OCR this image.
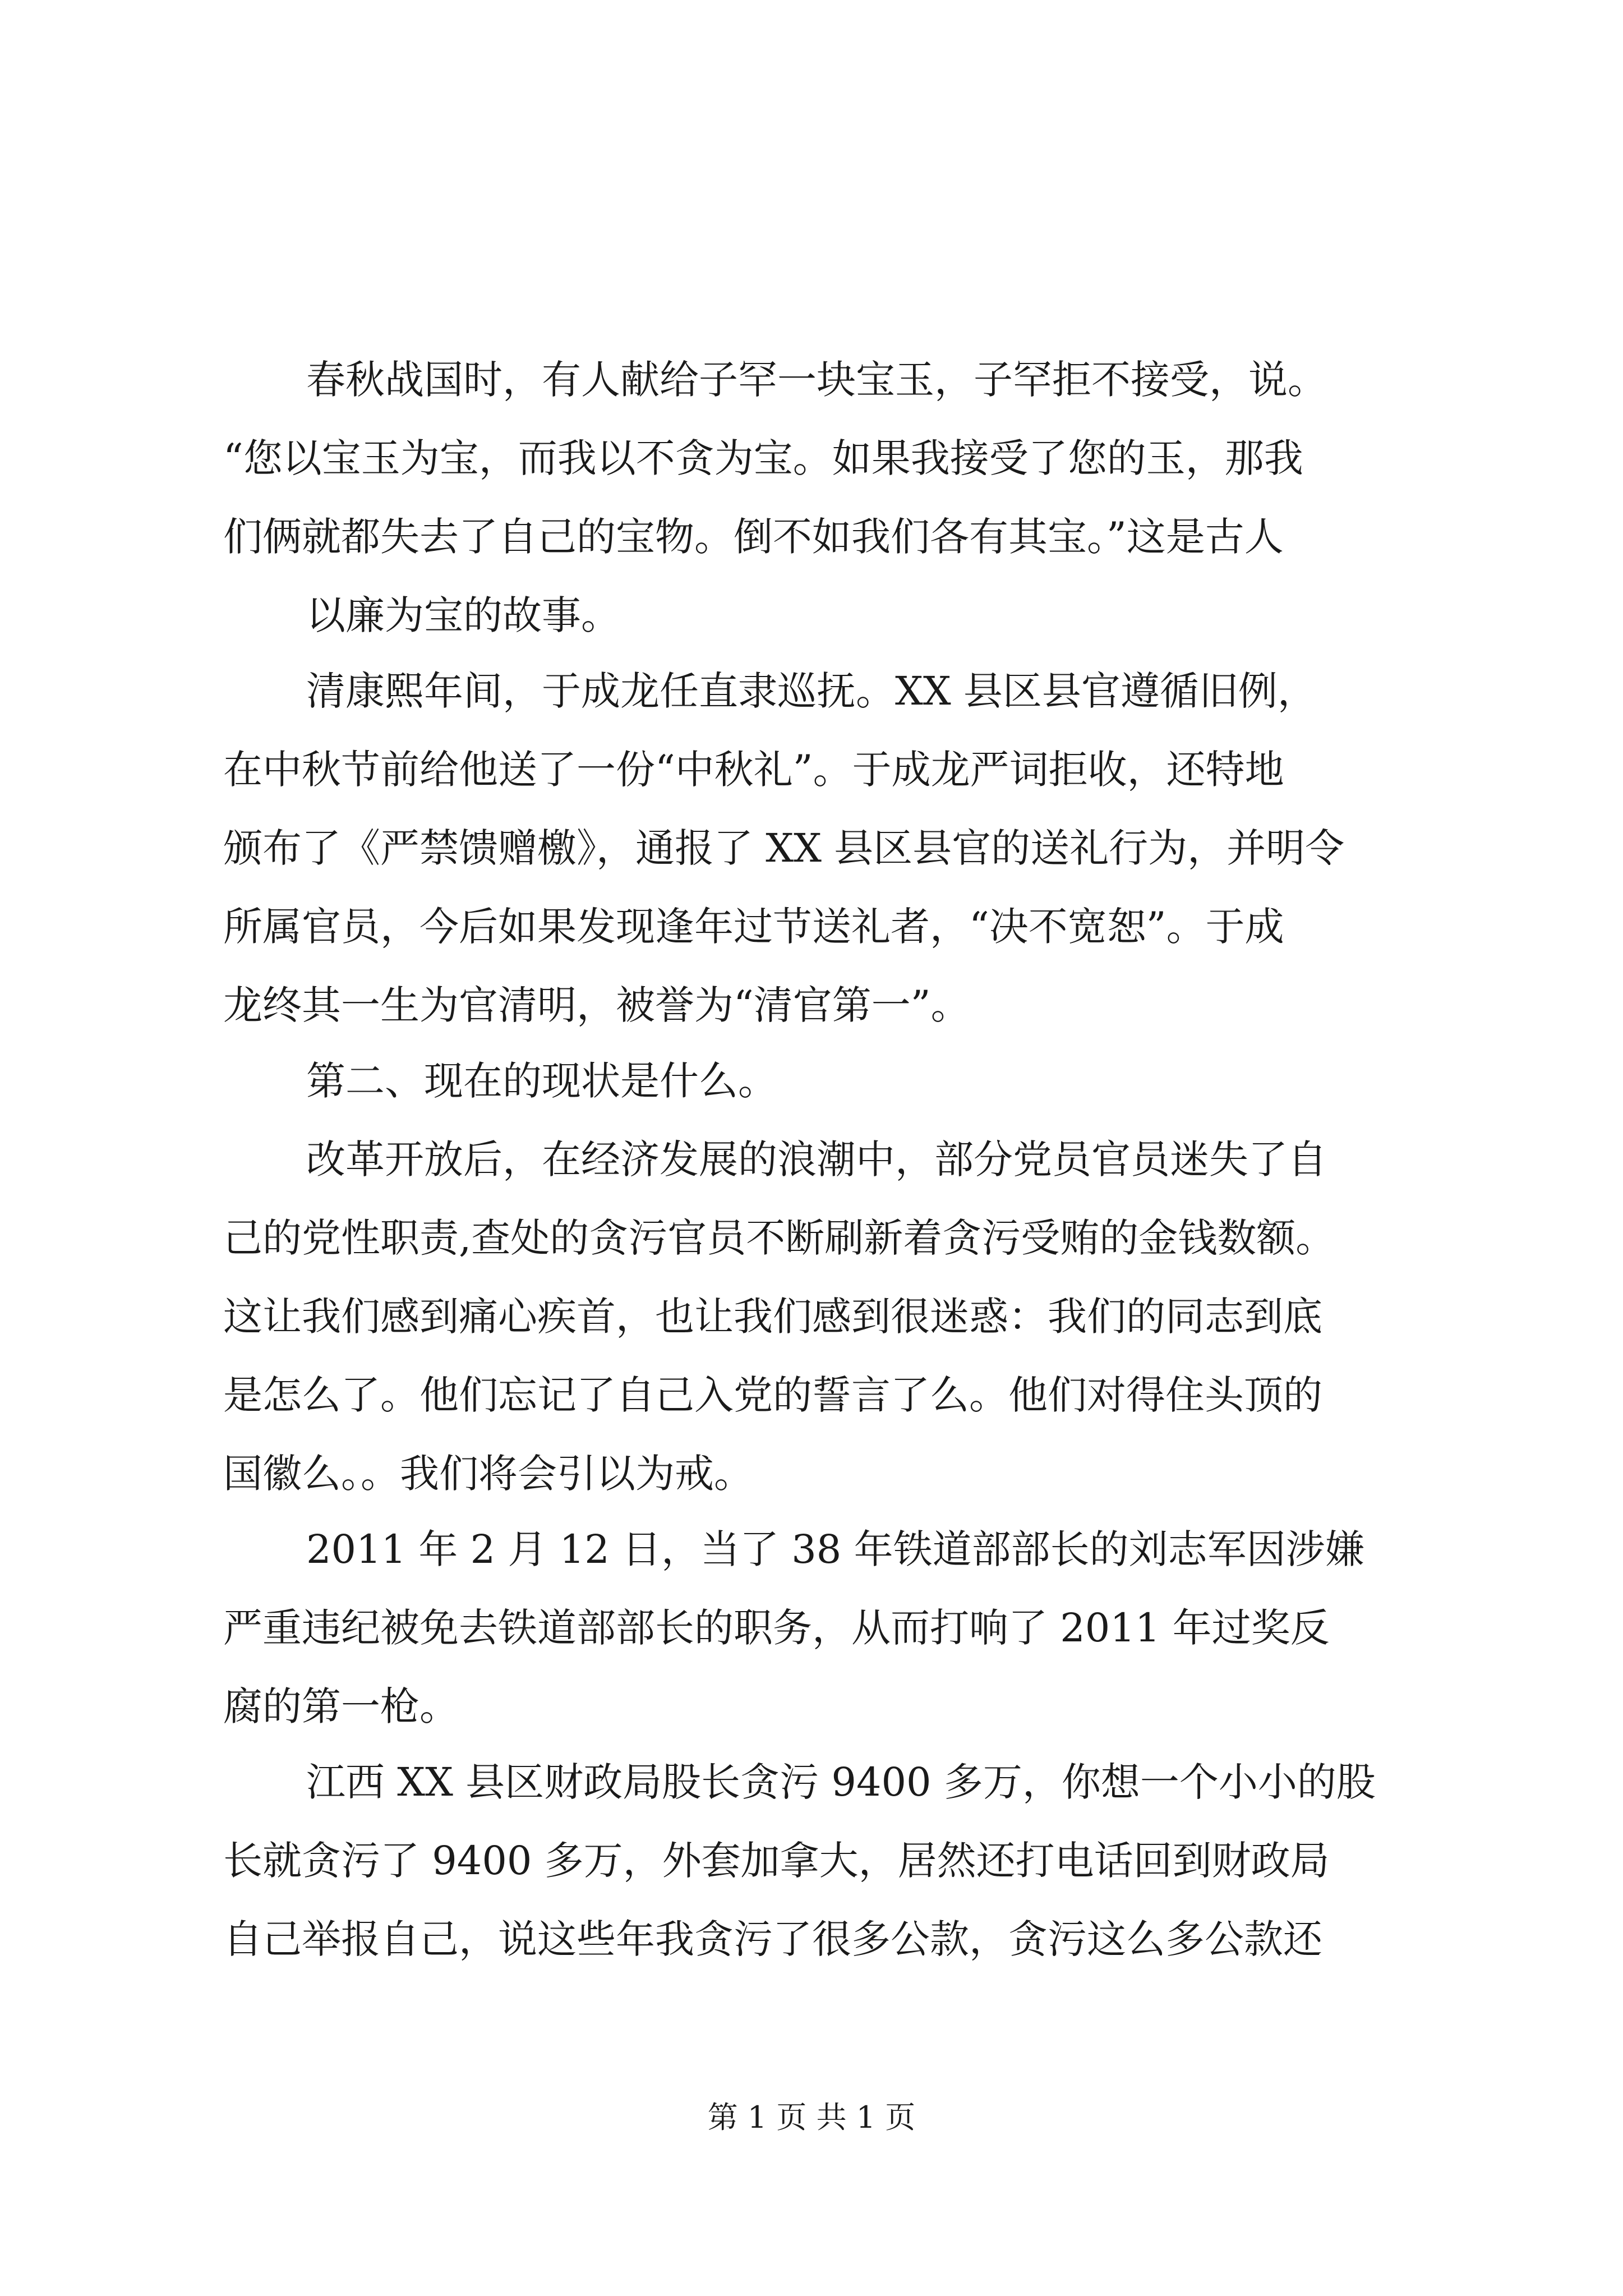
春秋战国时，有人献给子罕一块宝玉，子罕拒不接受，说。
“您以宝玉为宝，而我以不贪为宝。如果我接受了您的玉，那我
们俩就都失去了自己的宝物。倒不如我们各有其宝。”这是古人
以廉为宝的故事。
清康熙年间，于成龙任直隶巡抚。XX 县区县官遵循旧例，
在中秋节前给他送了一份“中秋礼”。于成龙严词拒收，还特地
颁布了《严禁馈赠檄》，通报了 XX 县区县官的送礼行为，并明令
所属官员，今后如果发现逢年过节送礼者，“决不宽恕”。于成
龙终其一生为官清明，被誉为“清官第一”。
第二、现在的现状是什么。
改革开放后，在经济发展的浪潮中，部分党员官员迷失了自
己的党性职责,查处的贪污官员不断刷新着贪污受贿的金钱数额。
这让我们感到痛心疾首，也让我们感到很迷惑：我们的同志到底
是怎么了。他们忘记了自己入党的誓言了么。他们对得住头顶的
国徽么。。我们将会引以为戒。
2011 年 2 月 12 日，当了 38 年铁道部部长的刘志军因涉嫌
严重违纪被免去铁道部部长的职务，从而打响了 2011 年过奖反
腐的第一枪。
江西 XX 县区财政局股长贪污 9400 多万，你想一个小小的股
长就贪污了 9400 多万，外套加拿大，居然还打电话回到财政局
自己举报自己，说这些年我贪污了很多公款，贪污这么多公款还
第 1 页 共 1 页
